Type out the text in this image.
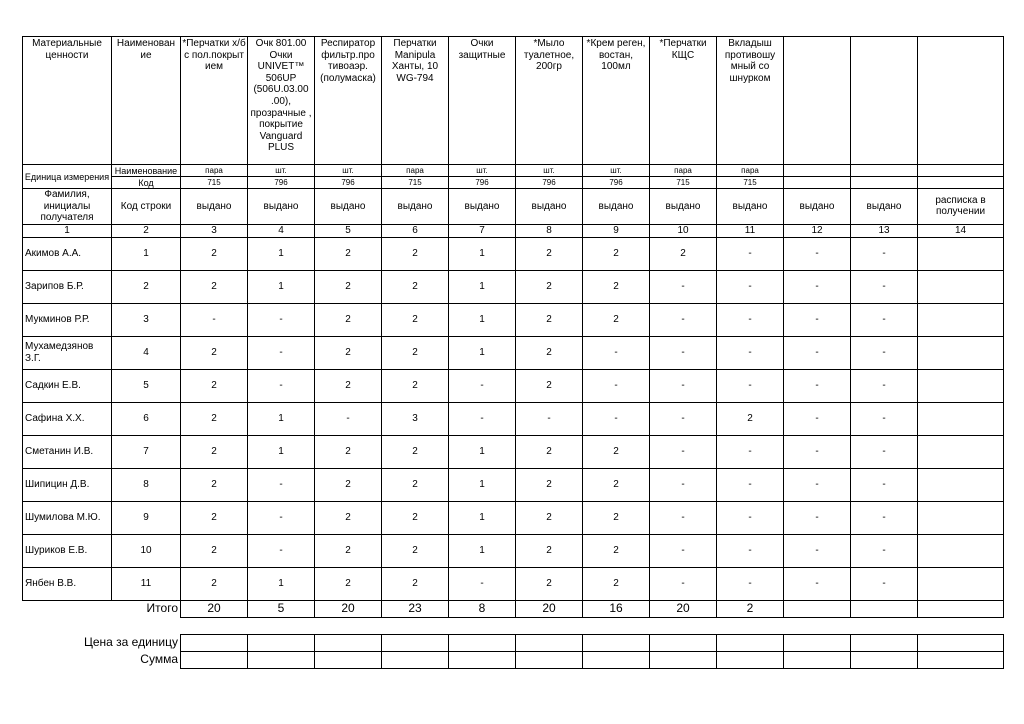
Материальные ценности	Наименован ие	*Перчатки х/б с пол.покрыт ием	Очк 801.00 Очки UNIVET™ 506UP (506U.03.00 .00), прозрачные , покрытие Vanguard PLUS	Респиратор фильтр.про тивоаэр. (полумаска)	Перчатки Manipula Ханты, 10 WG-794	Очки защитные	*Мыло туалетное, 200гр	*Крем реген, востан, 100мл	*Перчатки КЩС	Вкладыш противошу мный со шнурком			
Единица измерения	Наименование	пара	шт.	шт.	пара	шт.	шт.	шт.	пара	пара			
	Код	715	796	796	715	796	796	796	715	715			
Фамилия, инициалы получателя	Код строки	выдано	выдано	выдано	выдано	выдано	выдано	выдано	выдано	выдано	выдано	выдано	расписка в получении
1	2	3	4	5	6	7	8	9	10	11	12	13	14
Акимов А.А.	1	2	1	2	2	1	2	2	2	-	-	-	
Зарипов Б.Р.	2	2	1	2	2	1	2	2	-	-	-	-	
Мукминов Р.Р.	3	-	-	2	2	1	2	2	-	-	-	-	
Мухамедзянов З.Г.	4	2	-	2	2	1	2	-	-	-	-	-	
Садкин Е.В.	5	2	-	2	2	-	2	-	-	-	-	-	
Сафина Х.Х.	6	2	1	-	3	-	-	-	-	2	-	-	
Сметанин И.В.	7	2	1	2	2	1	2	2	-	-	-	-	
Шипицин Д.В.	8	2	-	2	2	1	2	2	-	-	-	-	
Шумилова М.Ю.	9	2	-	2	2	1	2	2	-	-	-	-	
Шуриков Е.В.	10	2	-	2	2	1	2	2	-	-	-	-	
Янбен В.В.	11	2	1	2	2	-	2	2	-	-	-	-	
Итого		20	5	20	23	8	20	16	20	2			

Цена за единицу													
Сумма													
